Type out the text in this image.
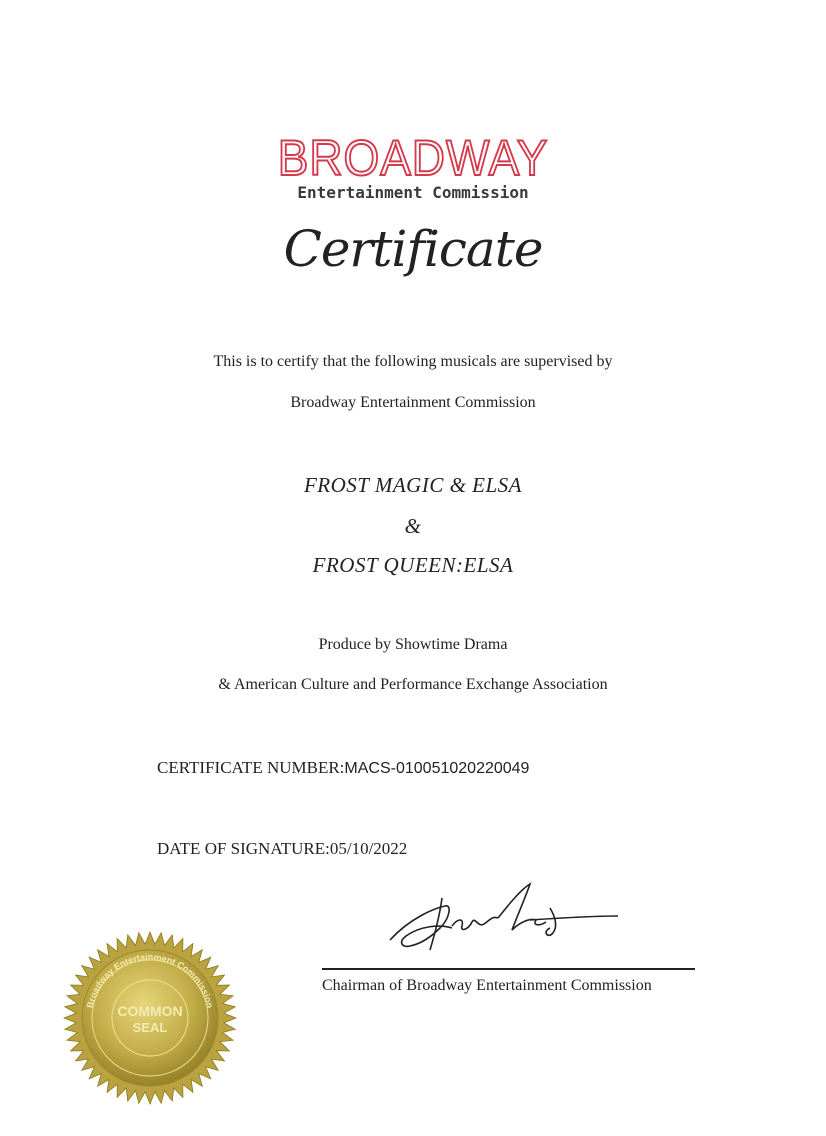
BROADWAY
Entertainment Commission
Certificate
This is to certify that the following musicals are supervised by
Broadway Entertainment Commission
FROST MAGIC & ELSA
&
FROST QUEEN:ELSA
Produce by Showtime Drama
& American Culture and Performance Exchange Association
CERTIFICATE NUMBER:MACS-010051020220049
DATE OF SIGNATURE:05/10/2022
Chairman of Broadway Entertainment Commission
Broadway Entertainment Commission
COMMON
SEAL
